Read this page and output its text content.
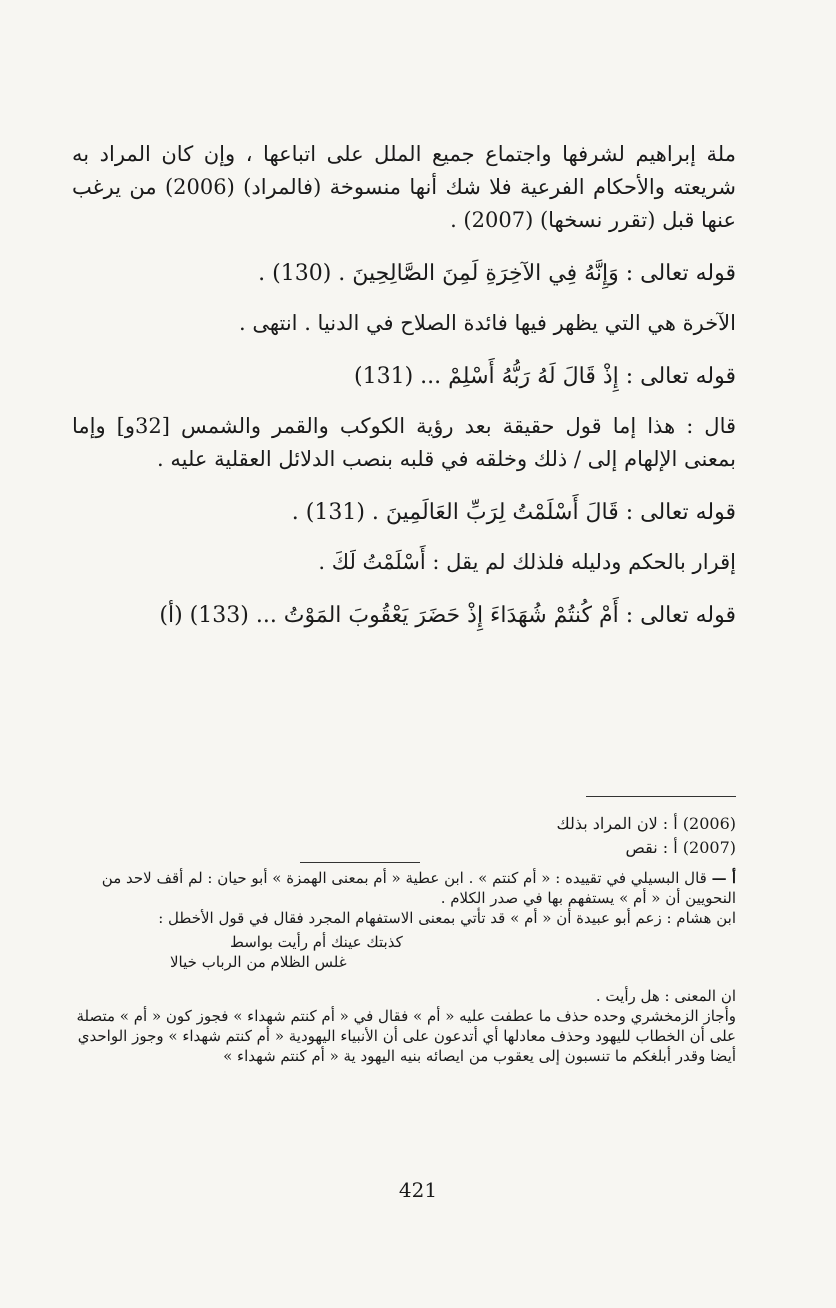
ملة إبراهيم لشرفها واجتماع جميع الملل على اتباعها ، وإن كان المراد به شريعته والأحكام الفرعية فلا شك أنها منسوخة (فالمراد) (2006) من يرغب عنها قبل (تقرر نسخها) (2007) .

قوله تعالى : وَإِنَّهُ فِي الآخِرَةِ لَمِنَ الصَّالِحِينَ . (130) .

الآخرة هي التي يظهر فيها فائدة الصلاح في الدنيا . انتهى .

قوله تعالى : إِذْ قَالَ لَهُ رَبُّهُ أَسْلِمْ ... (131)

قال : هذا إما قول حقيقة بعد رؤية الكوكب والقمر والشمس [32و] وإما بمعنى الإلهام إلى / ذلك وخلقه في قلبه بنصب الدلائل العقلية عليه .

قوله تعالى : قَالَ أَسْلَمْتُ لِرَبِّ العَالَمِينَ . (131) .

إقرار بالحكم ودليله فلذلك لم يقل : أَسْلَمْتُ لَكَ .

قوله تعالى : أَمْ كُنتُمْ شُهَدَاءَ إِذْ حَضَرَ يَعْقُوبَ المَوْتُ ... (133) (أ)

(2006) أ : لان المراد بذلك
(2007) أ : نقص

أ — قال البسيلي في تقييده : « أم كنتم » . ابن عطية « أم بمعنى الهمزة » أبو حيان : لم أقف لاحد من النحويين أن « أم » يستفهم بها في صدر الكلام .

ابن هشام : زعم أبو عبيدة أن « أم » قد تأتي بمعنى الاستفهام المجرد فقال في قول الأخطل :

كذبتك عينك أم رأيت بواسط

غلس الظلام من الرباب خيالا

ان المعنى : هل رأيت .

وأجاز الزمخشري وحده حذف ما عطفت عليه « أم » فقال في « أم كنتم شهداء » فجوز كون « أم » متصلة على أن الخطاب لليهود وحذف معادلها أي أتدعون على أن الأنبياء اليهودية « أم كنتم شهداء » وجوز الواحدي أيضا وقدر أبلغكم ما تنسبون إلى يعقوب من ايصائه بنيه اليهود ية « أم كنتم شهداء »

421
